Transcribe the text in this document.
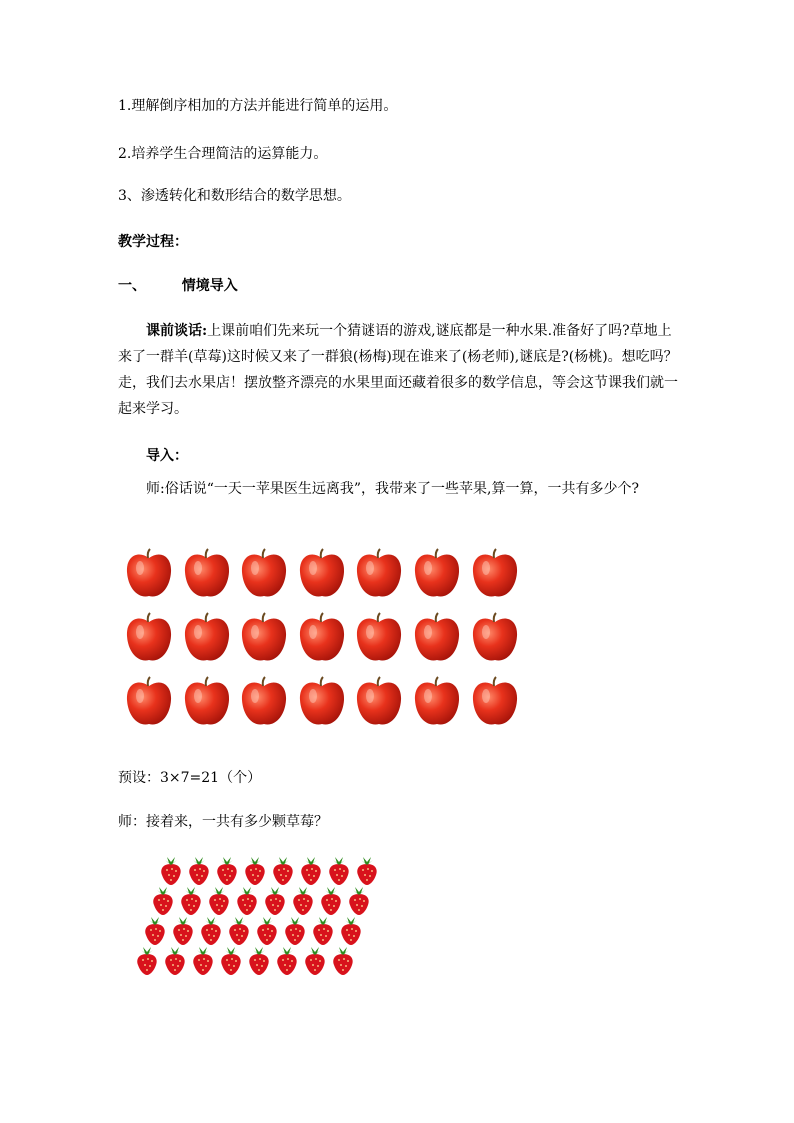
1.理解倒序相加的方法并能进行简单的运用。
2.培养学生合理简洁的运算能力。
3、渗透转化和数形结合的数学思想。
教学过程：
一、	情境导入
课前谈话:上课前咱们先来玩一个猜谜语的游戏,谜底都是一种水果.准备好了吗?草地上来了一群羊(草莓)这时候又来了一群狼(杨梅)现在谁来了(杨老师),谜底是?(杨桃)。想吃吗？走，我们去水果店！摆放整齐漂亮的水果里面还藏着很多的数学信息，等会这节课我们就一起来学习。
导入：
师:俗话说“一天一苹果医生远离我”，我带来了一些苹果,算一算，一共有多少个?
预设：3×7=21（个）
师：接着来，一共有多少颗草莓？
